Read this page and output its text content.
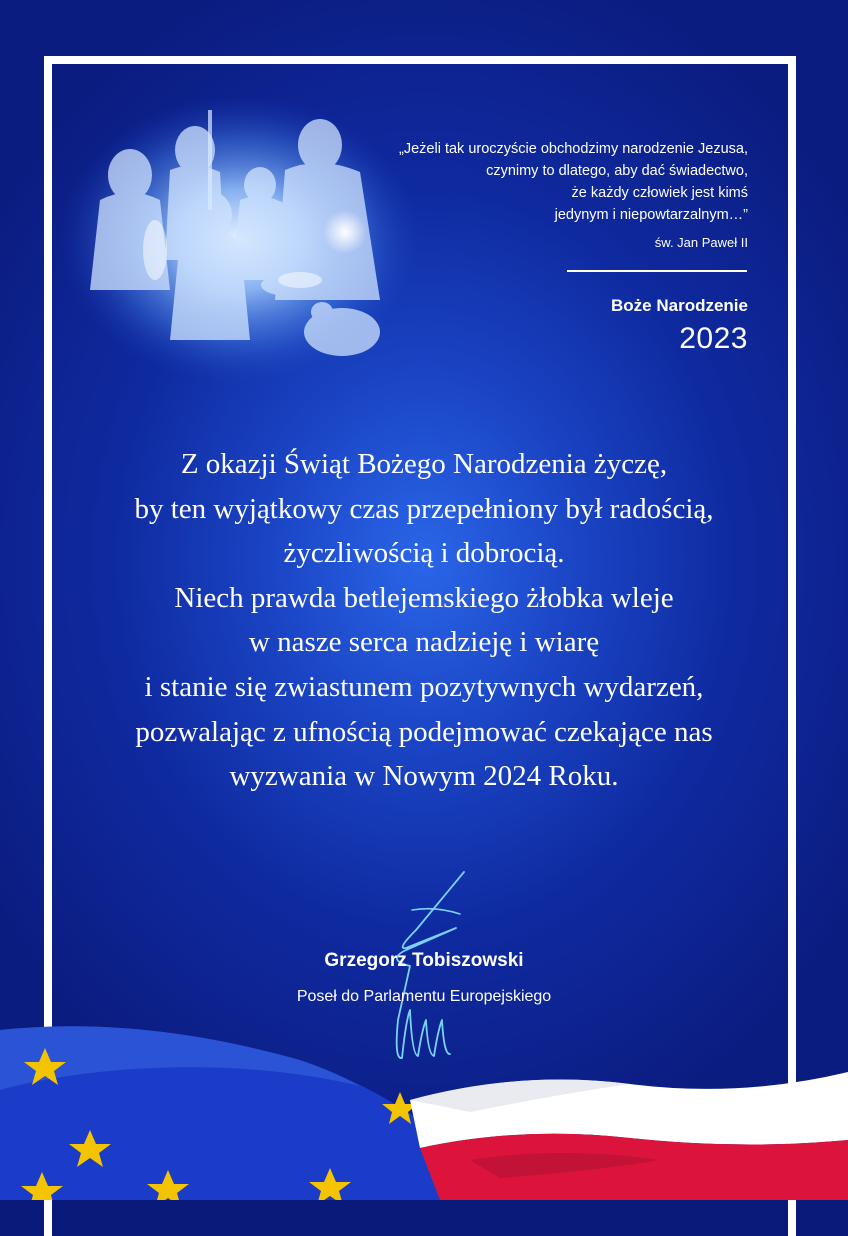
„Jeżeli tak uroczyście obchodzimy narodzenie Jezusa,
czynimy to dlatego, aby dać świadectwo,
że każdy człowiek jest kimś
jedynym i niepowtarzalnym…”
św. Jan Paweł II
Boże Narodzenie
2023
Z okazji Świąt Bożego Narodzenia życzę,
by ten wyjątkowy czas przepełniony był radością,
życzliwością i dobrocią.
Niech prawda betlejemskiego żłobka wleje
w nasze serca nadzieję i wiarę
i stanie się zwiastunem pozytywnych wydarzeń,
pozwalając z ufnością podejmować czekające nas
wyzwania w Nowym 2024 Roku.
Grzegorz Tobiszowski
Poseł do Parlamentu Europejskiego
